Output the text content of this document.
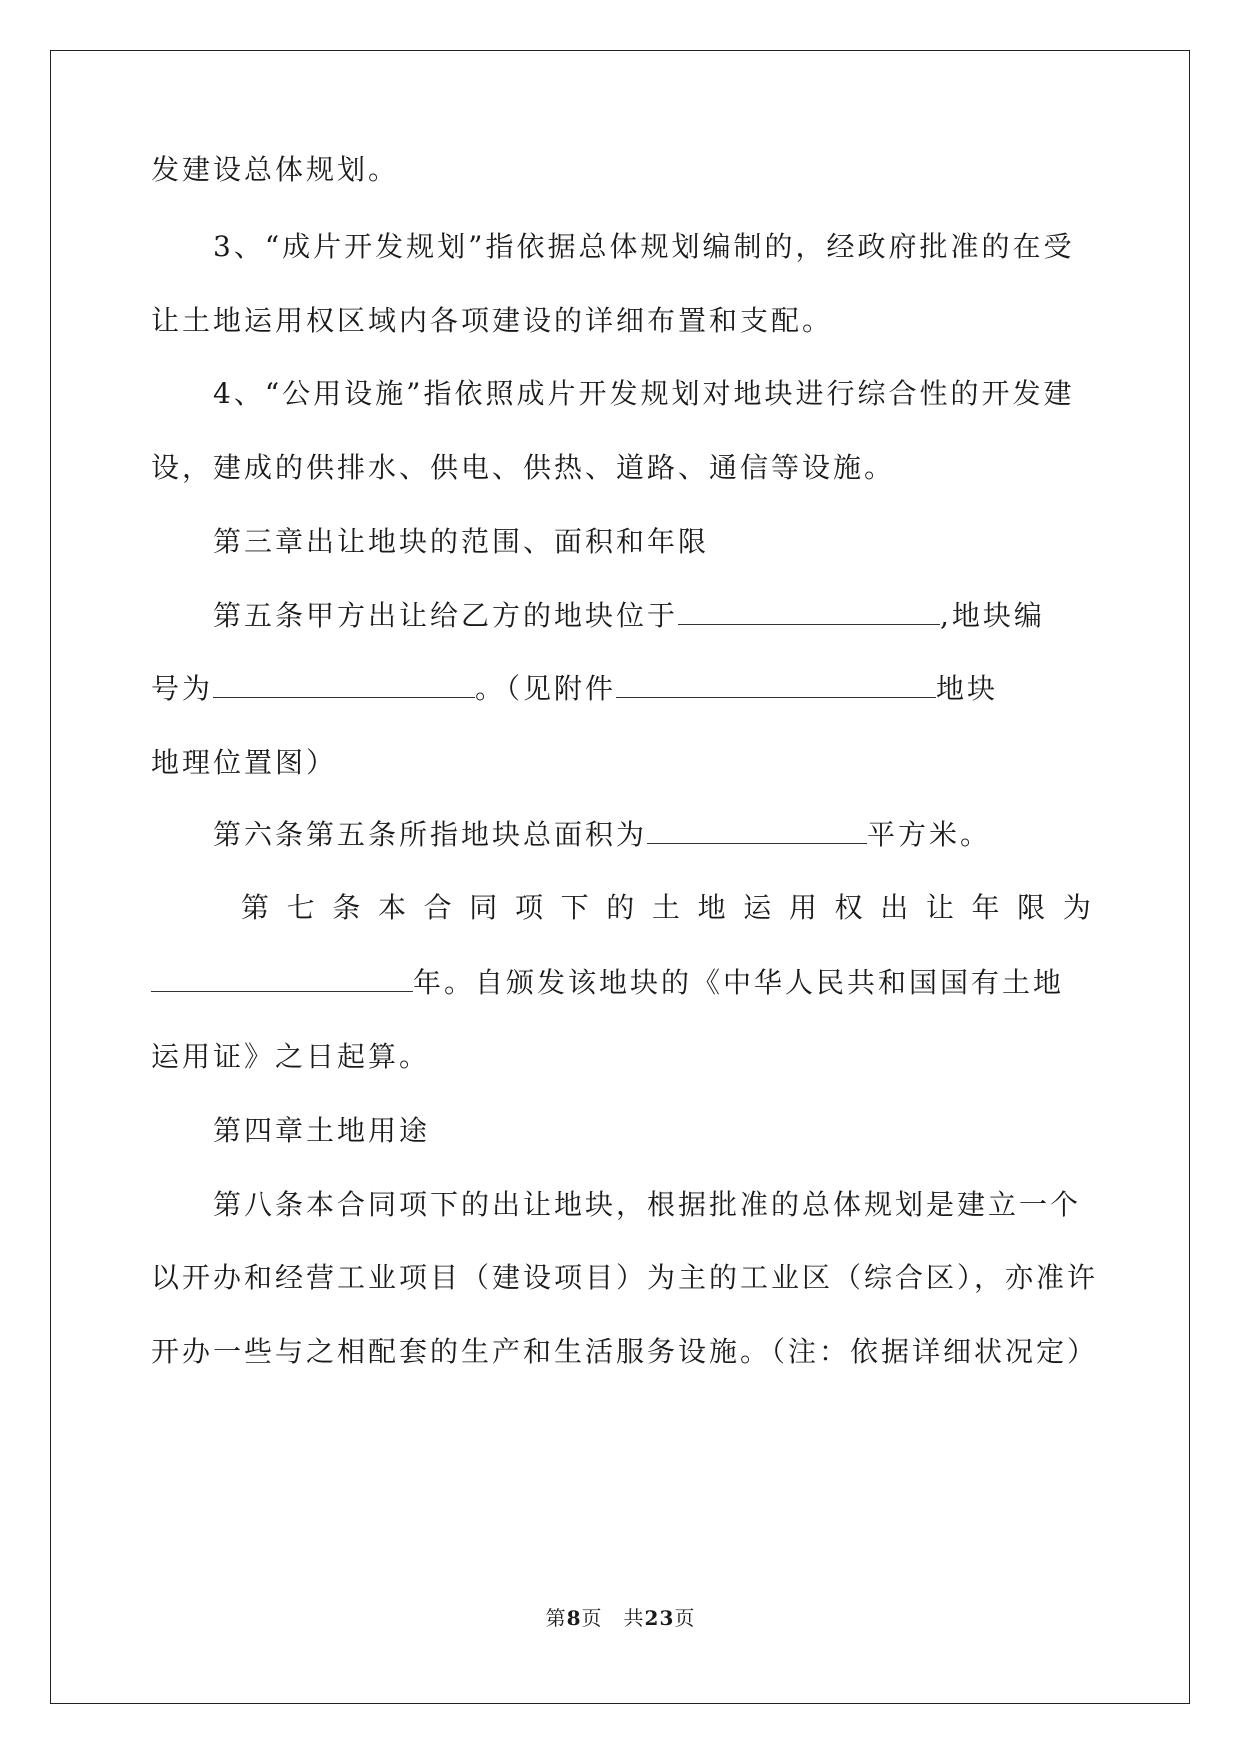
发建设总体规划。
3、“成片开发规划”指依据总体规划编制的，经政府批准的在受
让土地运用权区域内各项建设的详细布置和支配。
4、“公用设施”指依照成片开发规划对地块进行综合性的开发建
设，建成的供排水、供电、供热、道路、通信等设施。
第三章出让地块的范围、面积和年限
第五条甲方出让给乙方的地块位于	,地块编
号为	。（见附件	地块
地理位置图）
第六条第五条所指地块总面积为	平方米。
第 七 条 本 合 同 项 下 的 土 地 运 用 权 出 让 年 限 为
年。自颁发该地块的《中华人民共和国国有土地
运用证》之日起算。
第四章土地用途
第八条本合同项下的出让地块，根据批准的总体规划是建立一个
以开办和经营工业项目（建设项目）为主的工业区（综合区），亦准许
开办一些与之相配套的生产和生活服务设施。（注：依据详细状况定）
第8页　共23页
